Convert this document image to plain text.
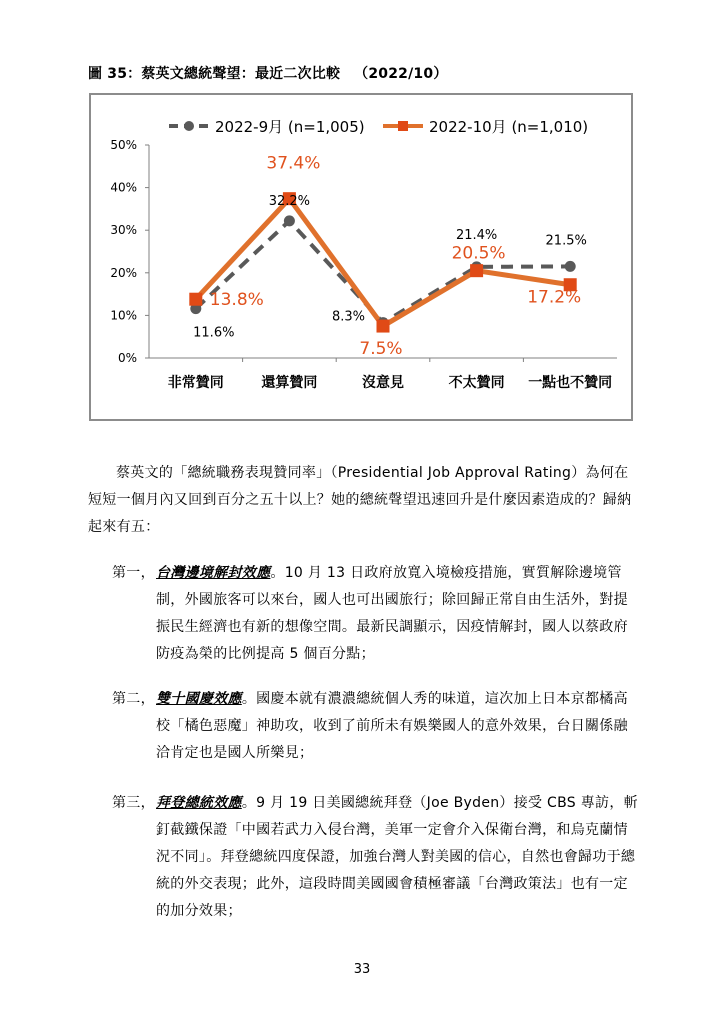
圖 35：蔡英文總統聲望：最近二次比較 （2022/10）
0%
10%
20%
30%
40%
50%
非常贊同	還算贊同	沒意見	不太贊同 一點也不贊同
2022-9月 (n=1,005)	2022-10月 (n=1,010)
11.6%
32.2%
8.3%
21.4%	21.5%
13.8%
37.4%
7.5%
20.5%
17.2%
蔡英文的「總統職務表現贊同率」（Presidential Job Approval Rating）為何在短短一個月內又回到百分之五十以上？她的總統聲望迅速回升是什麼因素造成的？歸納起來有五：
第一， 台灣邊境解封效應。10 月 13 日政府放寬入境檢疫措施，實質解除邊境管制，外國旅客可以來台，國人也可出國旅行；除回歸正常自由生活外，對提振民生經濟也有新的想像空間。最新民調顯示，因疫情解封，國人以蔡政府防疫為榮的比例提高 5 個百分點；
第二， 雙十國慶效應。國慶本就有濃濃總統個人秀的味道，這次加上日本京都橘高校「橘色惡魔」神助攻，收到了前所未有娛樂國人的意外效果，台日關係融洽肯定也是國人所樂見；
第三， 拜登總統效應。9 月 19 日美國總統拜登（Joe Byden）接受 CBS 專訪，斬釘截鐵保證「中國若武力入侵台灣，美軍一定會介入保衛台灣，和烏克蘭情況不同」。拜登總統四度保證，加強台灣人對美國的信心，自然也會歸功于總統的外交表現；此外，這段時間美國國會積極審議「台灣政策法」也有一定的加分效果；
33
